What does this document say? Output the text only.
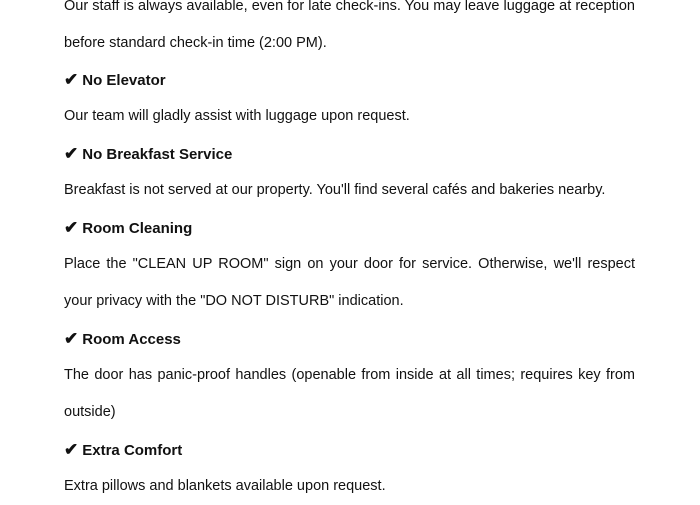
Our staff is always available, even for late check-ins. You may leave luggage at reception before standard check-in time (2:00 PM).

✔ No Elevator

Our team will gladly assist with luggage upon request.

✔ No Breakfast Service

Breakfast is not served at our property. You'll find several cafés and bakeries nearby.

✔ Room Cleaning

Place the "CLEAN UP ROOM" sign on your door for service. Otherwise, we'll respect your privacy with the "DO NOT DISTURB" indication.

✔ Room Access

The door has panic-proof handles (openable from inside at all times; requires key from outside)

✔ Extra Comfort

Extra pillows and blankets available upon request.
